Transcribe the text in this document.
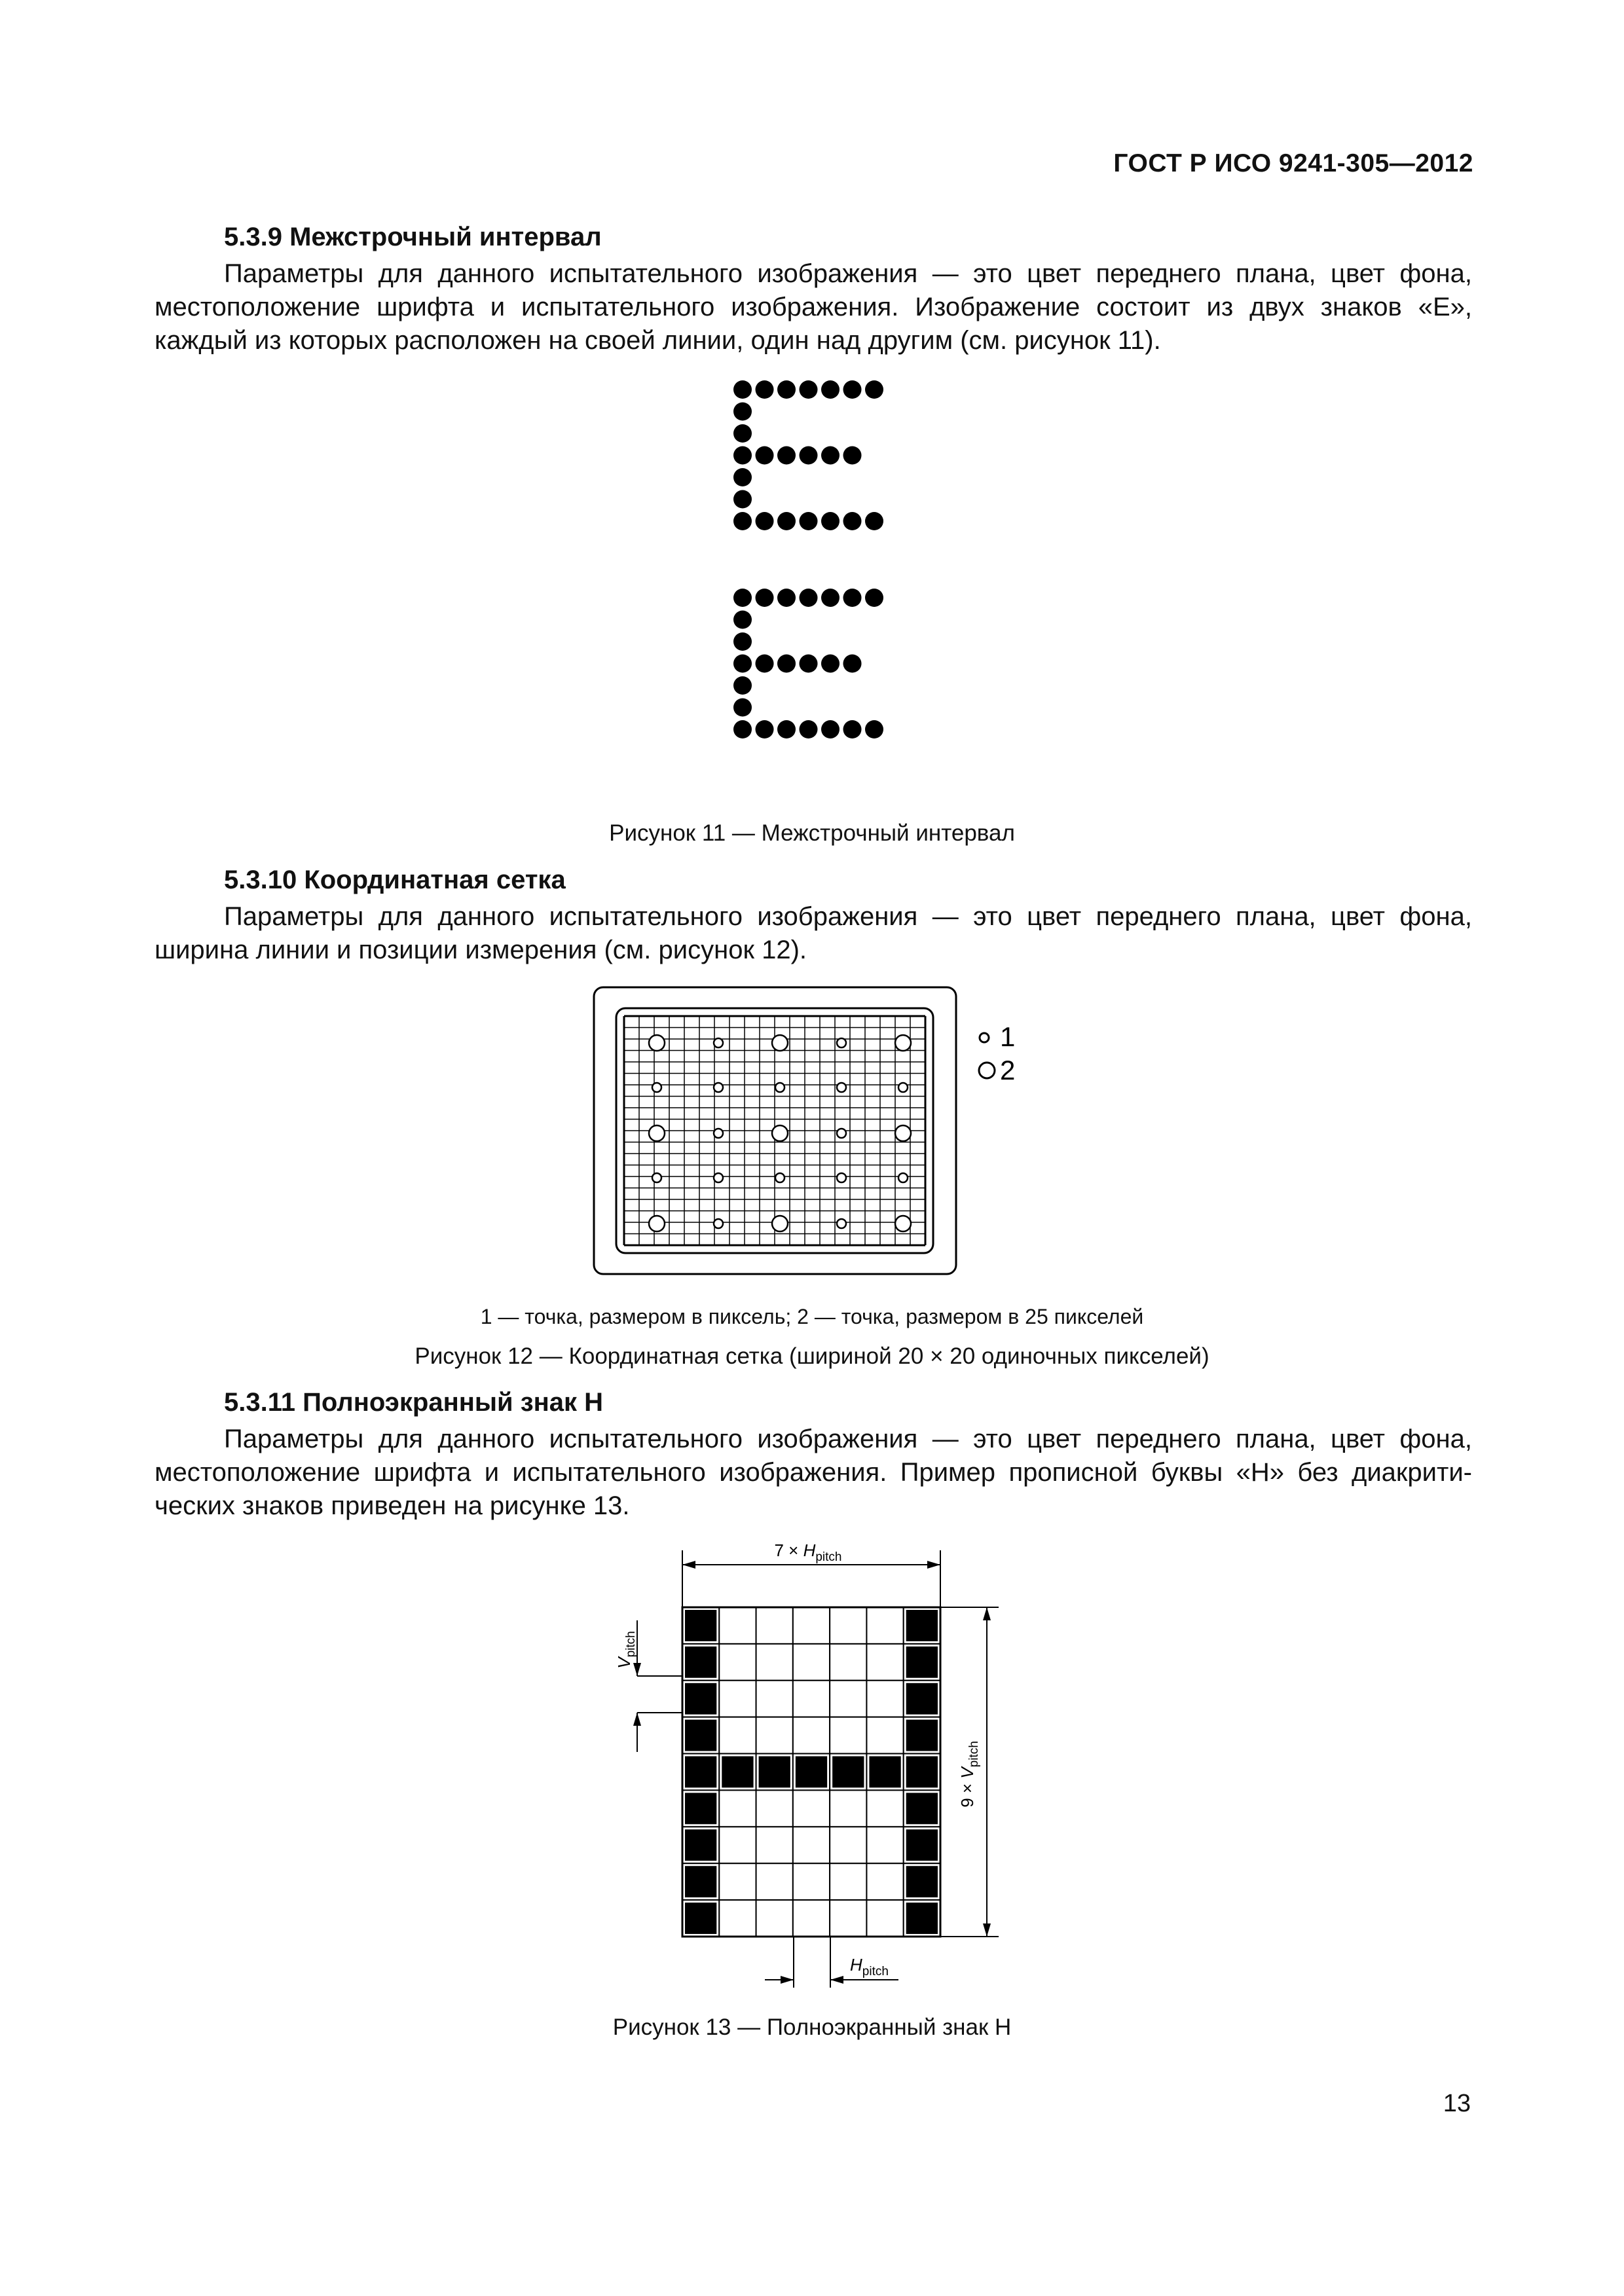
ГОСТ Р ИСО 9241-305—2012
5.3.9 Межстрочный интервал
Параметры для данного испытательного изображения — это цвет переднего плана, цвет фона,
местоположение шрифта и испытательного изображения. Изображение состоит из двух знаков «Е»,
каждый из которых расположен на своей линии, один над другим (см. рисунок 11).
Рисунок 11 — Межстрочный интервал
5.3.10 Координатная сетка
Параметры для данного испытательного изображения — это цвет переднего плана, цвет фона,
ширина линии и позиции измерения (см. рисунок 12).
1
2
1 — точка, размером в пиксель; 2 — точка, размером в 25 пикселей
Рисунок 12 — Координатная сетка (шириной 20 × 20 одиночных пикселей)
5.3.11 Полноэкранный знак Н
Параметры для данного испытательного изображения — это цвет переднего плана, цвет фона,
местоположение шрифта и испытательного изображения. Пример прописной буквы «Н» без диакрити-
ческих знаков приведен на рисунке 13.
$7 \times H_{pitch}$
$9 \times V_{pitch}$
$V_{pitch}$
$H_{pitch}$
Рисунок 13 — Полноэкранный знак Н
13
